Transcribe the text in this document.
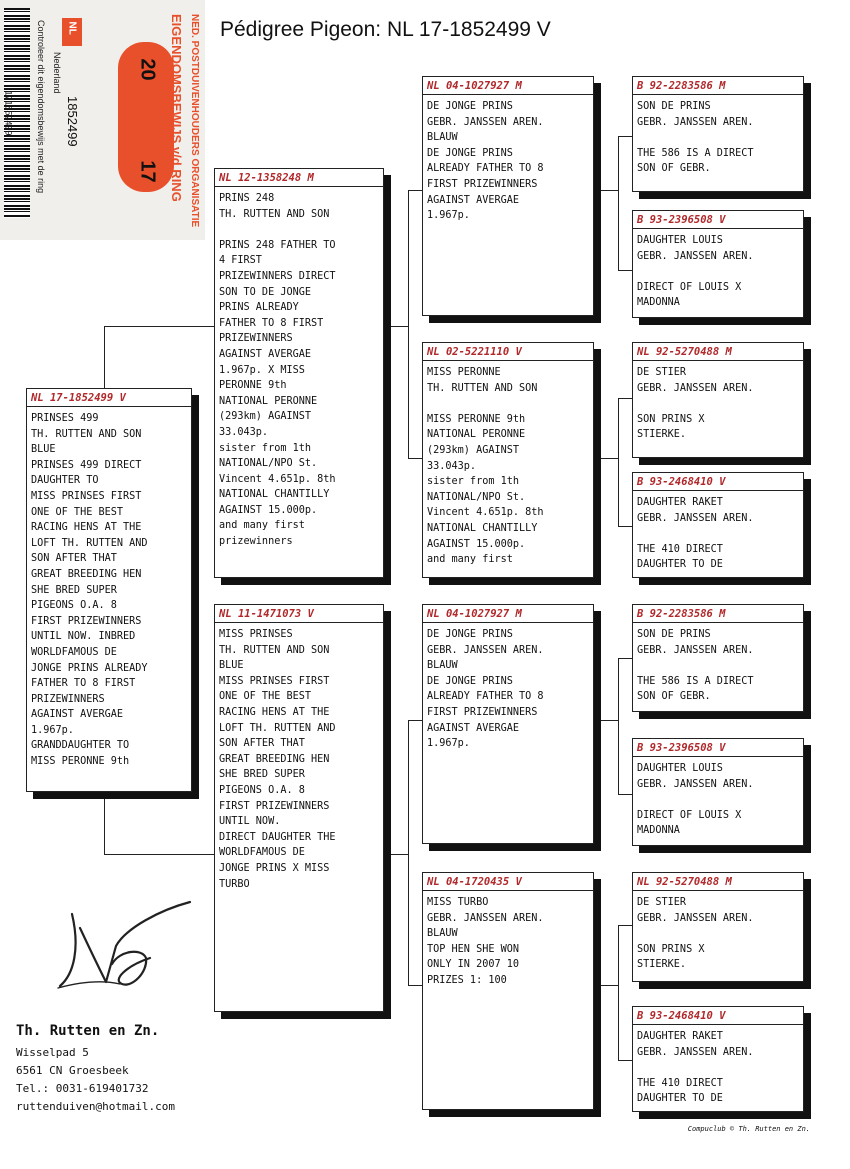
Pédigree Pigeon: NL 17-1852499 V
171852499
NL
Nederland
1852499
Controleer dit eigendomsbewijs met de ring	20
17	NED. POSTDUIVENHOUDERS ORGANISATIE
EIGENDOMSBEWIJS v/d RING
NL 17-1852499 V
PRINSES 499
TH. RUTTEN AND SON
BLUE
PRINSES 499 DIRECT
DAUGHTER TO
MISS PRINSES FIRST
ONE OF THE BEST
RACING HENS AT THE
LOFT TH. RUTTEN AND
SON AFTER THAT
GREAT BREEDING HEN
SHE BRED SUPER
PIGEONS O.A. 8
FIRST PRIZEWINNERS
UNTIL NOW. INBRED
WORLDFAMOUS DE
JONGE PRINS ALREADY
FATHER TO 8 FIRST
PRIZEWINNERS
AGAINST AVERGAE
1.967p.
GRANDDAUGHTER TO
MISS PERONNE 9th
NL 12-1358248 M
PRINS 248
TH. RUTTEN AND SON

PRINS 248 FATHER TO
4 FIRST
PRIZEWINNERS DIRECT
SON TO DE JONGE
PRINS ALREADY
FATHER TO 8 FIRST
PRIZEWINNERS
AGAINST AVERGAE
1.967p. X MISS
PERONNE 9th
NATIONAL PERONNE
(293km) AGAINST
33.043p.
sister from 1th
NATIONAL/NPO St.
Vincent 4.651p. 8th
NATIONAL CHANTILLY
AGAINST 15.000p.
and many first
prizewinners
NL 11-1471073 V
MISS PRINSES
TH. RUTTEN AND SON
BLUE
MISS PRINSES FIRST
ONE OF THE BEST
RACING HENS AT THE
LOFT TH. RUTTEN AND
SON AFTER THAT
GREAT BREEDING HEN
SHE BRED SUPER
PIGEONS O.A. 8
FIRST PRIZEWINNERS
UNTIL NOW.
DIRECT DAUGHTER THE
WORLDFAMOUS DE
JONGE PRINS X MISS
TURBO
NL 04-1027927 M
DE JONGE PRINS
GEBR. JANSSEN AREN.
BLAUW
DE JONGE PRINS
ALREADY FATHER TO 8
FIRST PRIZEWINNERS
AGAINST AVERGAE
1.967p.
NL 02-5221110 V
MISS PERONNE
TH. RUTTEN AND SON

MISS PERONNE 9th
NATIONAL PERONNE
(293km) AGAINST
33.043p.
sister from 1th
NATIONAL/NPO St.
Vincent 4.651p. 8th
NATIONAL CHANTILLY
AGAINST 15.000p.
and many first
NL 04-1027927 M
DE JONGE PRINS
GEBR. JANSSEN AREN.
BLAUW
DE JONGE PRINS
ALREADY FATHER TO 8
FIRST PRIZEWINNERS
AGAINST AVERGAE
1.967p.
NL 04-1720435 V
MISS TURBO
GEBR. JANSSEN AREN.
BLAUW
TOP HEN SHE WON
ONLY IN 2007 10
PRIZES 1: 100
B 92-2283586 M
SON DE PRINS
GEBR. JANSSEN AREN.

THE 586 IS A DIRECT
SON OF GEBR.
B 93-2396508 V
DAUGHTER LOUIS
GEBR. JANSSEN AREN.

DIRECT OF LOUIS X
MADONNA
NL 92-5270488 M
DE STIER
GEBR. JANSSEN AREN.

SON PRINS X
STIERKE.
B 93-2468410 V
DAUGHTER RAKET
GEBR. JANSSEN AREN.

THE 410 DIRECT
DAUGHTER TO DE
B 92-2283586 M
SON DE PRINS
GEBR. JANSSEN AREN.

THE 586 IS A DIRECT
SON OF GEBR.
B 93-2396508 V
DAUGHTER LOUIS
GEBR. JANSSEN AREN.

DIRECT OF LOUIS X
MADONNA
NL 92-5270488 M
DE STIER
GEBR. JANSSEN AREN.

SON PRINS X
STIERKE.
B 93-2468410 V
DAUGHTER RAKET
GEBR. JANSSEN AREN.

THE 410 DIRECT
DAUGHTER TO DE
Th. Rutten en Zn.
Wisselpad 5
6561 CN Groesbeek
Tel.: 0031-619401732
ruttenduiven@hotmail.com
Compuclub © Th. Rutten en Zn.
